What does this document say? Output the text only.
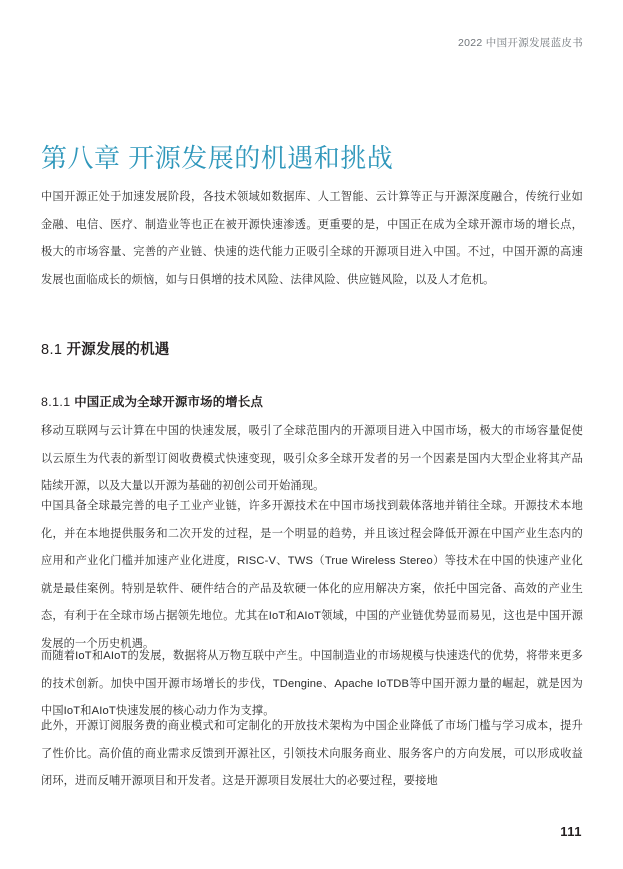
2022 中国开源发展蓝皮书
第八章 开源发展的机遇和挑战

中国开源正处于加速发展阶段，各技术领域如数据库、人工智能、云计算等正与开源深度融合，传统行业如金融、电信、医疗、制造业等也正在被开源快速渗透。更重要的是，中国正在成为全球开源市场的增长点，极大的市场容量、完善的产业链、快速的迭代能力正吸引全球的开源项目进入中国。不过，中国开源的高速发展也面临成长的烦恼，如与日俱增的技术风险、法律风险、供应链风险，以及人才危机。

8.1 开源发展的机遇
8.1.1 中国正成为全球开源市场的增长点

移动互联网与云计算在中国的快速发展，吸引了全球范围内的开源项目进入中国市场，极大的市场容量促使以云原生为代表的新型订阅收费模式快速变现，吸引众多全球开发者的另一个因素是国内大型企业将其产品陆续开源，以及大量以开源为基础的初创公司开始涌现。

中国具备全球最完善的电子工业产业链，许多开源技术在中国市场找到载体落地并销往全球。开源技术本地化，并在本地提供服务和二次开发的过程，是一个明显的趋势，并且该过程会降低开源在中国产业生态内的应用和产业化门槛并加速产业化进度，RISC-V、TWS（True Wireless Stereo）等技术在中国的快速产业化就是最佳案例。特别是软件、硬件结合的产品及软硬一体化的应用解决方案，依托中国完备、高效的产业生态，有利于在全球市场占据领先地位。尤其在IoT和AIoT领域，中国的产业链优势显而易见，这也是中国开源发展的一个历史机遇。

而随着IoT和AIoT的发展，数据将从万物互联中产生。中国制造业的市场规模与快速迭代的优势，将带来更多的技术创新。加快中国开源市场增长的步伐，TDengine、Apache IoTDB等中国开源力量的崛起，就是因为中国IoT和AIoT快速发展的核心动力作为支撑。

此外，开源订阅服务费的商业模式和可定制化的开放技术架构为中国企业降低了市场门槛与学习成本，提升了性价比。高价值的商业需求反馈到开源社区，引领技术向服务商业、服务客户的方向发展，可以形成收益闭环，进而反哺开源项目和开发者。这是开源项目发展壮大的必要过程，要接地

111
